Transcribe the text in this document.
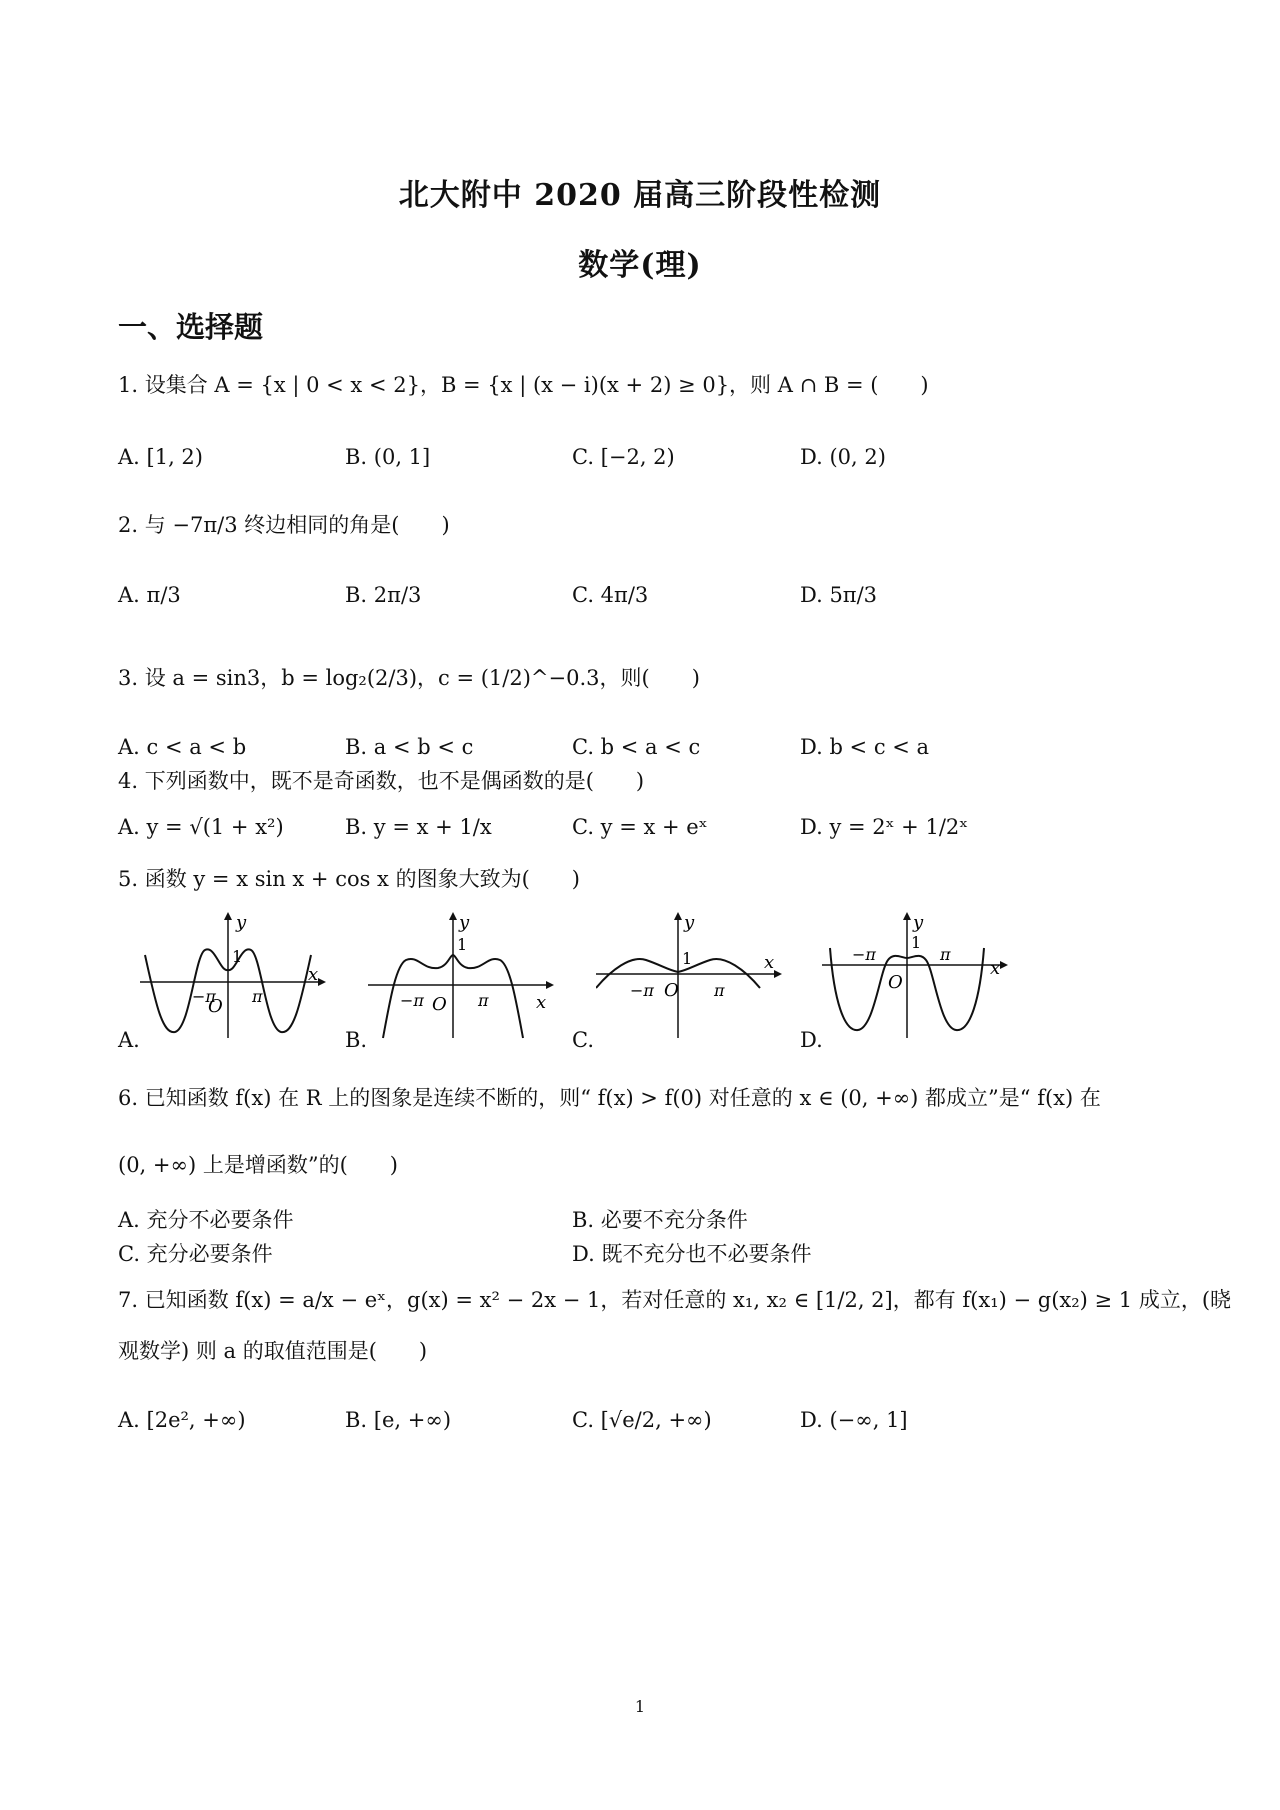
北大附中 2020 届高三阶段性检测
数学(理)
一、选择题
1. 设集合 A = {x | 0 < x < 2}，B = {x | (x − i)(x + 2) ≥ 0}，则 A ∩ B = (　　)
A. [1, 2)	B. (0, 1]	C. [−2, 2)	D. (0, 2)
2. 与 −7π/3 终边相同的角是(　　)
A. π/3	B. 2π/3	C. 4π/3	D. 5π/3
3. 设 a = sin3，b = log₂(2/3)，c = (1/2)^−0.3，则(　　)
A. c < a < b	B. a < b < c	C. b < a < c	D. b < c < a
4. 下列函数中，既不是奇函数，也不是偶函数的是(　　)
A. y = √(1 + x²)	B. y = x + 1/x	C. y = x + eˣ	D. y = 2ˣ + 1/2ˣ
5. 函数 y = x sin x + cos x 的图象大致为(　　)
y
x
O
1
−π π
A.
y
x
O
1
−π	π
B.
y
x
O
1
−π	π
C.
y
x
O
1
−π	π
D.
6. 已知函数 f(x) 在 R 上的图象是连续不断的，则“ f(x) > f(0) 对任意的 x ∈ (0, +∞) 都成立”是“ f(x) 在
(0, +∞) 上是增函数”的(　　)
A. 充分不必要条件	B. 必要不充分条件
C. 充分必要条件	D. 既不充分也不必要条件
7. 已知函数 f(x) = a/x − eˣ，g(x) = x² − 2x − 1，若对任意的 x₁, x₂ ∈ [1/2, 2]，都有 f(x₁) − g(x₂) ≥ 1 成立，(晓
观数学) 则 a 的取值范围是(　　)
A. [2e², +∞)	B. [e, +∞)	C. [√e/2, +∞)	D. (−∞, 1]
1
